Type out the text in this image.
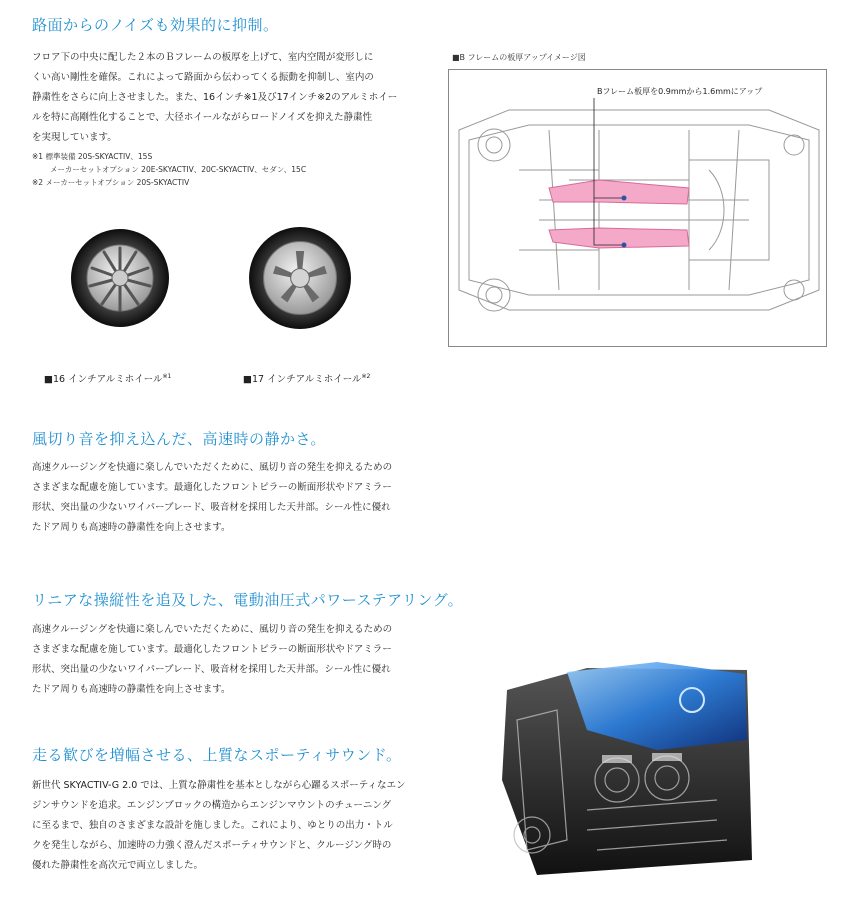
路面からのノイズも効果的に抑制。
フロア下の中央に配した２本のＢフレームの板厚を上げて、室内空間が変形しに
くい高い剛性を確保。これによって路面から伝わってくる振動を抑制し、室内の
静粛性をさらに向上させました。また、16インチ※1及び17インチ※2のアルミホイー
ルを特に高剛性化することで、大径ホイールながらロードノイズを抑えた静粛性
を実現しています。
※1 標準装備 20S-SKYACTIV、15S
メーカーセットオプション 20E-SKYACTIV、20C-SKYACTIV、セダン、15C
※2 メーカーセットオプション 20S-SKYACTIV
■16 インチアルミホイール$^{※1}$	■17 インチアルミホイール$^{※2}$
■B フレームの板厚アップイメージ図
Bフレーム板厚を0.9mmから1.6mmにアップ
風切り音を抑え込んだ、高速時の静かさ。
高速クルージングを快適に楽しんでいただくために、風切り音の発生を抑えるための
さまざまな配慮を施しています。最適化したフロントピラーの断面形状やドアミラー
形状、突出量の少ないワイパーブレード、吸音材を採用した天井部。シール性に優れ
たドア周りも高速時の静粛性を向上させます。
リニアな操縦性を追及した、電動油圧式パワーステアリング。
高速クルージングを快適に楽しんでいただくために、風切り音の発生を抑えるための
さまざまな配慮を施しています。最適化したフロントピラーの断面形状やドアミラー
形状、突出量の少ないワイパーブレード、吸音材を採用した天井部。シール性に優れ
たドア周りも高速時の静粛性を向上させます。
走る歓びを増幅させる、上質なスポーティサウンド。
新世代 SKYACTIV-G 2.0 では、上質な静粛性を基本としながら心躍るスポーティなエン
ジンサウンドを追求。エンジンブロックの構造からエンジンマウントのチューニング
に至るまで、独自のさまざまな設計を施しました。これにより、ゆとりの出力・トル
クを発生しながら、加速時の力強く澄んだスポーティサウンドと、クルージング時の
優れた静粛性を高次元で両立しました。
